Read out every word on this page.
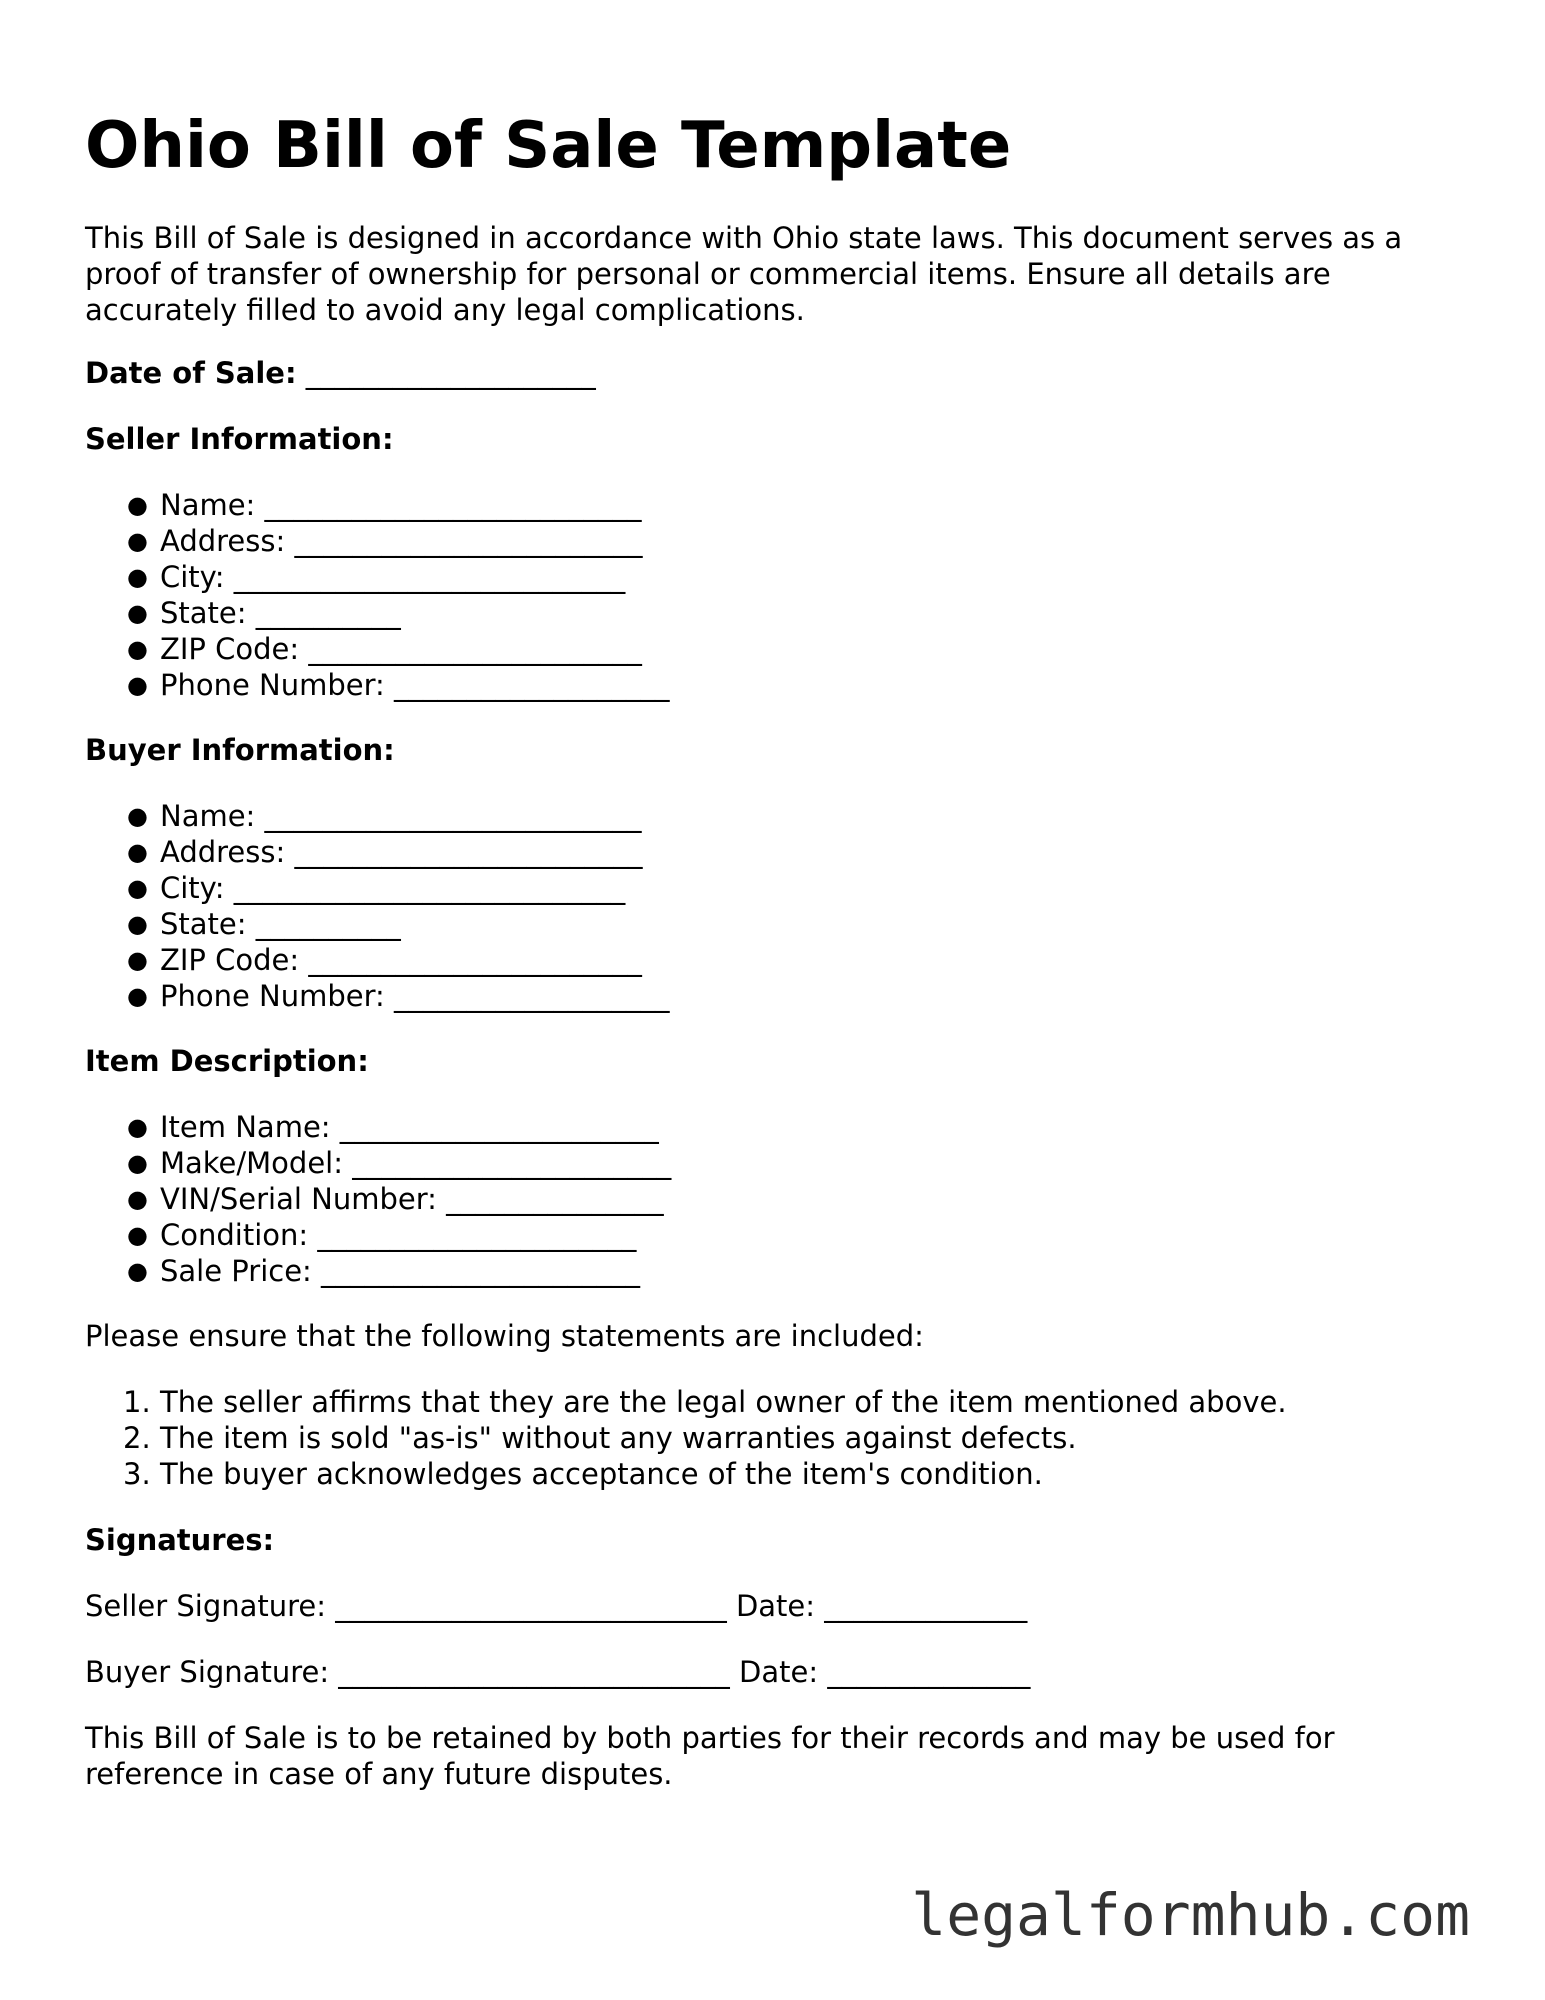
Ohio Bill of Sale Template

This Bill of Sale is designed in accordance with Ohio state laws. This document serves as a proof of transfer of ownership for personal or commercial items. Ensure all details are accurately filled to avoid any legal complications.

Date of Sale: ____________________

Seller Information:

● Name: __________________________
● Address: ________________________
● City: ___________________________
● State: __________
● ZIP Code: _______________________
● Phone Number: ___________________

Buyer Information:

● Name: __________________________
● Address: ________________________
● City: ___________________________
● State: __________
● ZIP Code: _______________________
● Phone Number: ___________________

Item Description:

● Item Name: ______________________
● Make/Model: ______________________
● VIN/Serial Number: _______________
● Condition: ______________________
● Sale Price: ______________________

Please ensure that the following statements are included:

1. The seller affirms that they are the legal owner of the item mentioned above.
2. The item is sold "as-is" without any warranties against defects.
3. The buyer acknowledges acceptance of the item's condition.

Signatures:

Seller Signature: ___________________________ Date: ______________

Buyer Signature: ___________________________ Date: ______________

This Bill of Sale is to be retained by both parties for their records and may be used for reference in case of any future disputes.

legalformhub.com
